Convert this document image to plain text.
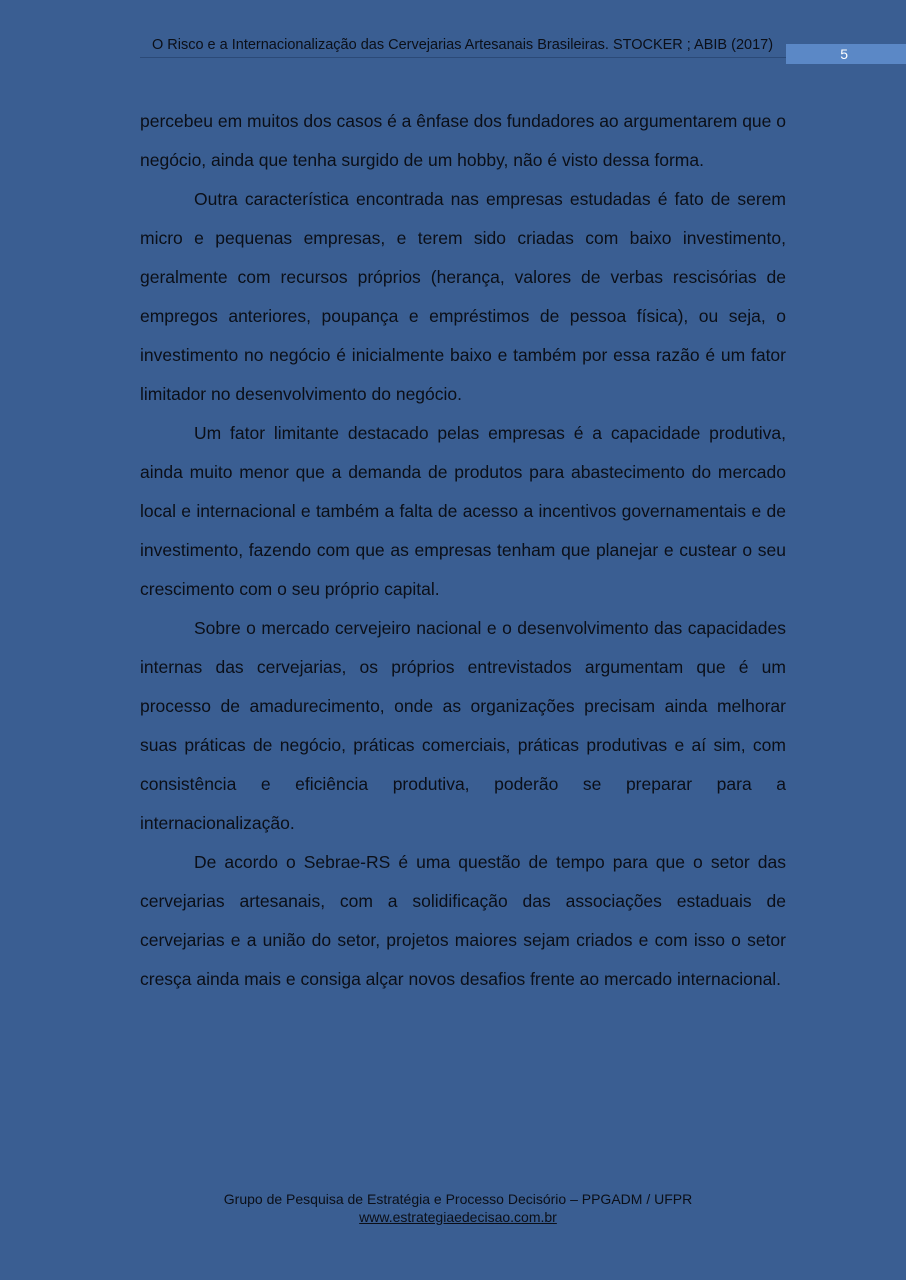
O Risco e a Internacionalização das Cervejarias Artesanais Brasileiras. STOCKER ; ABIB (2017)
5

percebeu em muitos dos casos é a ênfase dos fundadores ao argumentarem que o negócio, ainda que tenha surgido de um hobby, não é visto dessa forma.

Outra característica encontrada nas empresas estudadas é fato de serem micro e pequenas empresas, e terem sido criadas com baixo investimento, geralmente com recursos próprios (herança, valores de verbas rescisórias de empregos anteriores, poupança e empréstimos de pessoa física), ou seja, o investimento no negócio é inicialmente baixo e também por essa razão é um fator limitador no desenvolvimento do negócio.

Um fator limitante destacado pelas empresas é a capacidade produtiva, ainda muito menor que a demanda de produtos para abastecimento do mercado local e internacional e também a falta de acesso a incentivos governamentais e de investimento, fazendo com que as empresas tenham que planejar e custear o seu crescimento com o seu próprio capital.

Sobre o mercado cervejeiro nacional e o desenvolvimento das capacidades internas das cervejarias, os próprios entrevistados argumentam que é um processo de amadurecimento, onde as organizações precisam ainda melhorar suas práticas de negócio, práticas comerciais, práticas produtivas e aí sim, com consistência e eficiência produtiva, poderão se preparar para a internacionalização.

De acordo o Sebrae-RS é uma questão de tempo para que o setor das cervejarias artesanais, com a solidificação das associações estaduais de cervejarias e a união do setor, projetos maiores sejam criados e com isso o setor cresça ainda mais e consiga alçar novos desafios frente ao mercado internacional.

Grupo de Pesquisa de Estratégia e Processo Decisório – PPGADM / UFPR
www.estrategiaedecisao.com.br
